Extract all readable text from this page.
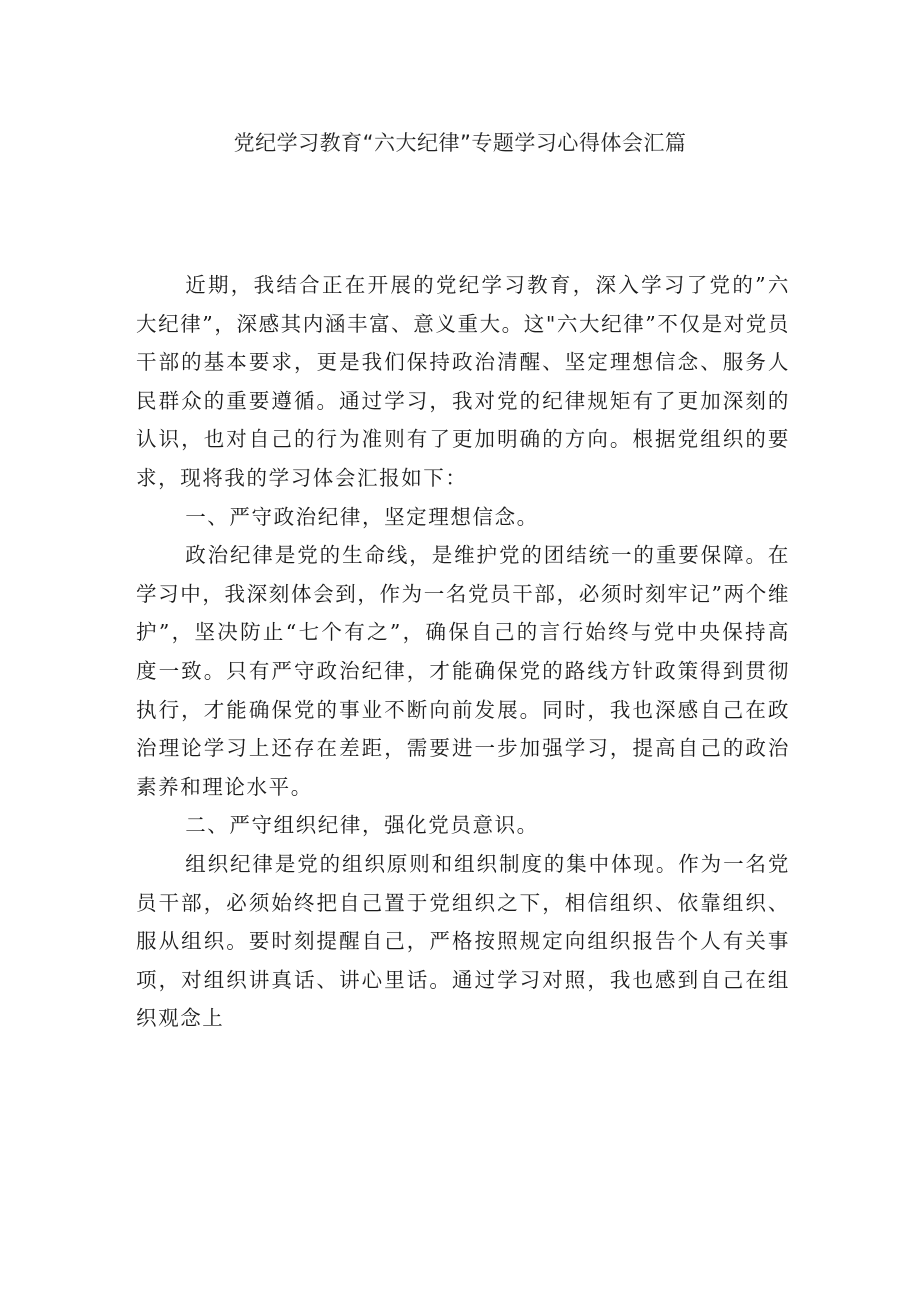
党纪学习教育“六大纪律”专题学习心得体会汇篇

近期，我结合正在开展的党纪学习教育，深入学习了党的”六大纪律”，深感其内涵丰富、意义重大。这"六大纪律”不仅是对党员干部的基本要求，更是我们保持政治清醒、坚定理想信念、服务人民群众的重要遵循。通过学习，我对党的纪律规矩有了更加深刻的认识，也对自己的行为准则有了更加明确的方向。根据党组织的要求，现将我的学习体会汇报如下：

一、严守政治纪律，坚定理想信念。

政治纪律是党的生命线，是维护党的团结统一的重要保障。在学习中，我深刻体会到，作为一名党员干部，必须时刻牢记”两个维护”，坚决防止“七个有之”，确保自己的言行始终与党中央保持高度一致。只有严守政治纪律，才能确保党的路线方针政策得到贯彻执行，才能确保党的事业不断向前发展。同时，我也深感自己在政治理论学习上还存在差距，需要进一步加强学习，提高自己的政治素养和理论水平。

二、严守组织纪律，强化党员意识。

组织纪律是党的组织原则和组织制度的集中体现。作为一名党员干部，必须始终把自己置于党组织之下，相信组织、依靠组织、服从组织。要时刻提醒自己，严格按照规定向组织报告个人有关事项，对组织讲真话、讲心里话。通过学习对照，我也感到自己在组织观念上
